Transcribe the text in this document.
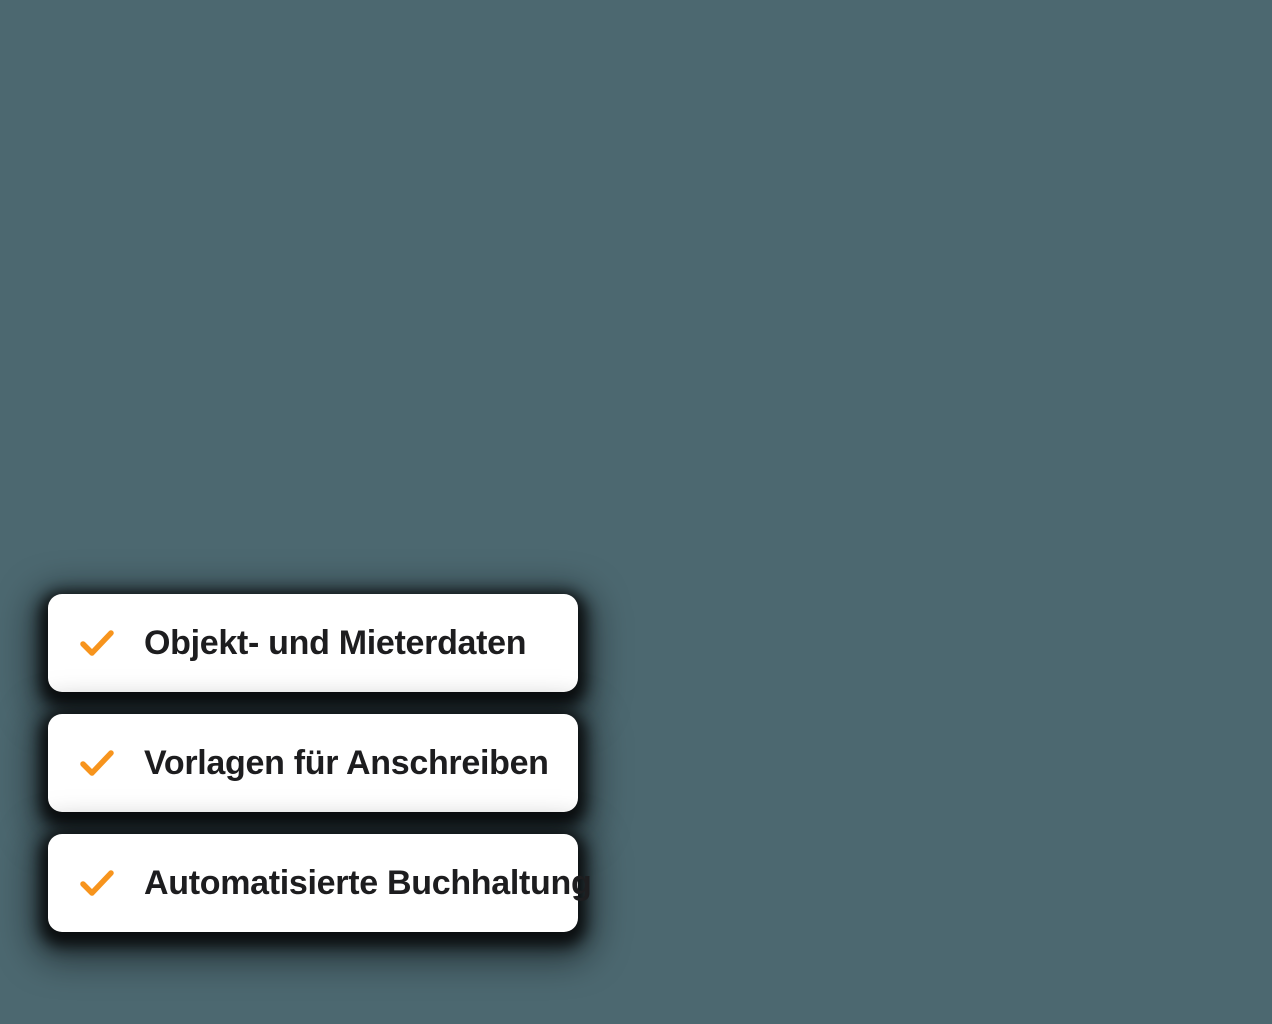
Objekt- und Mieterdaten
Vorlagen für Anschreiben
Automatisierte Buchhaltung
